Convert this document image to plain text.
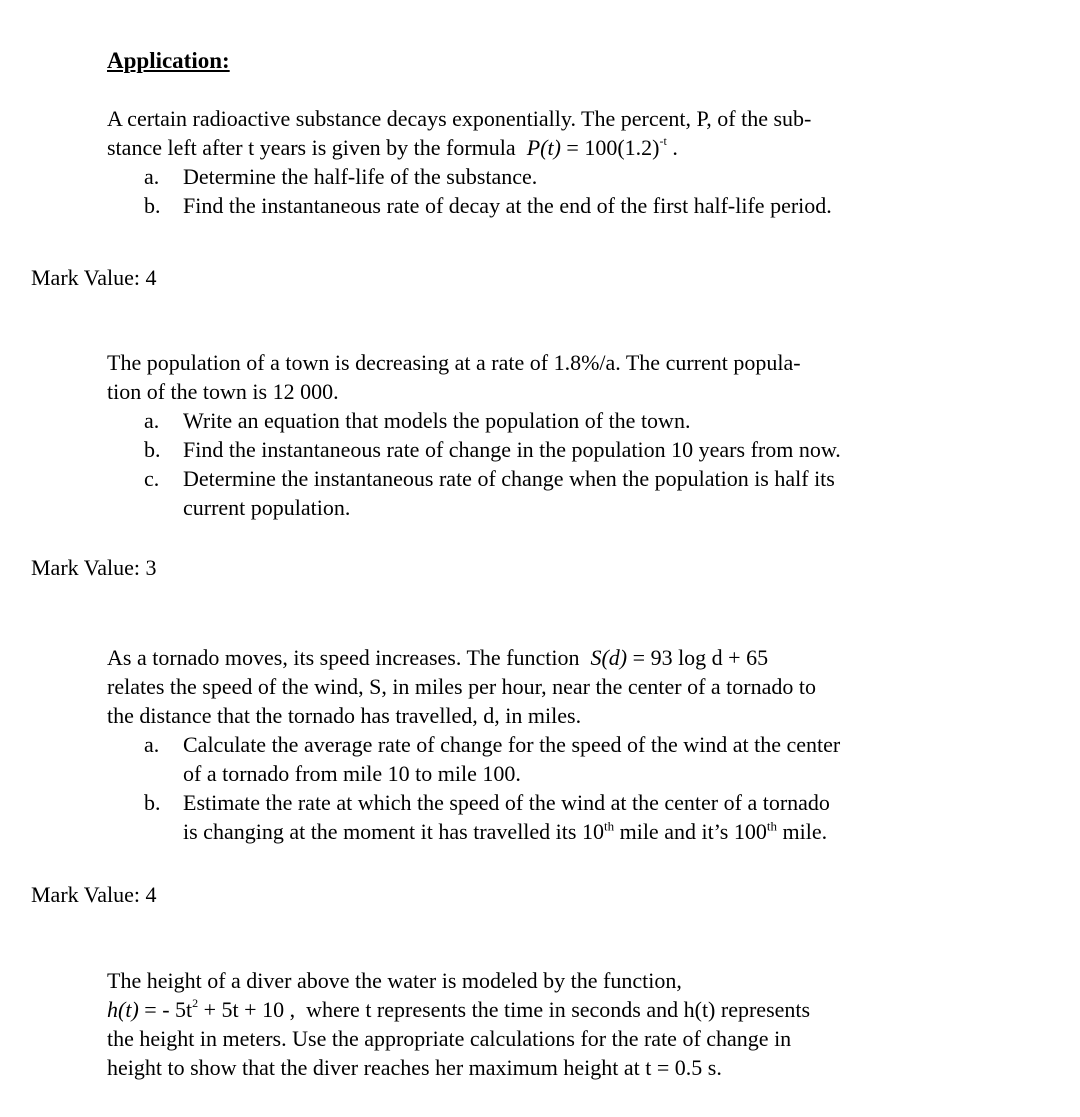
Application:
A certain radioactive substance decays exponentially. The percent, P, of the sub-
stance left after t years is given by the formula $P(t) = 100(1.2)^{-t}$ .
a. Determine the half-life of the substance.
b. Find the instantaneous rate of decay at the end of the first half-life period.
Mark Value: 4
The population of a town is decreasing at a rate of 1.8%/a. The current popula-
tion of the town is 12 000.
a. Write an equation that models the population of the town.
b. Find the instantaneous rate of change in the population 10 years from now.
c. Determine the instantaneous rate of change when the population is half its
current population.
Mark Value: 3
As a tornado moves, its speed increases. The function S(d) = 93 log d + 65
relates the speed of the wind, S, in miles per hour, near the center of a tornado to
the distance that the tornado has travelled, d, in miles.
a. Calculate the average rate of change for the speed of the wind at the center
of a tornado from mile 10 to mile 100.
b. Estimate the rate at which the speed of the wind at the center of a tornado
is changing at the moment it has travelled its 10th mile and it’s 100th mile.
Mark Value: 4
The height of a diver above the water is modeled by the function,
h(t) = - $5t^2 + 5t + 10$ , where t represents the time in seconds and h(t) represents
the height in meters. Use the appropriate calculations for the rate of change in
height to show that the diver reaches her maximum height at t = 0.5 s.
